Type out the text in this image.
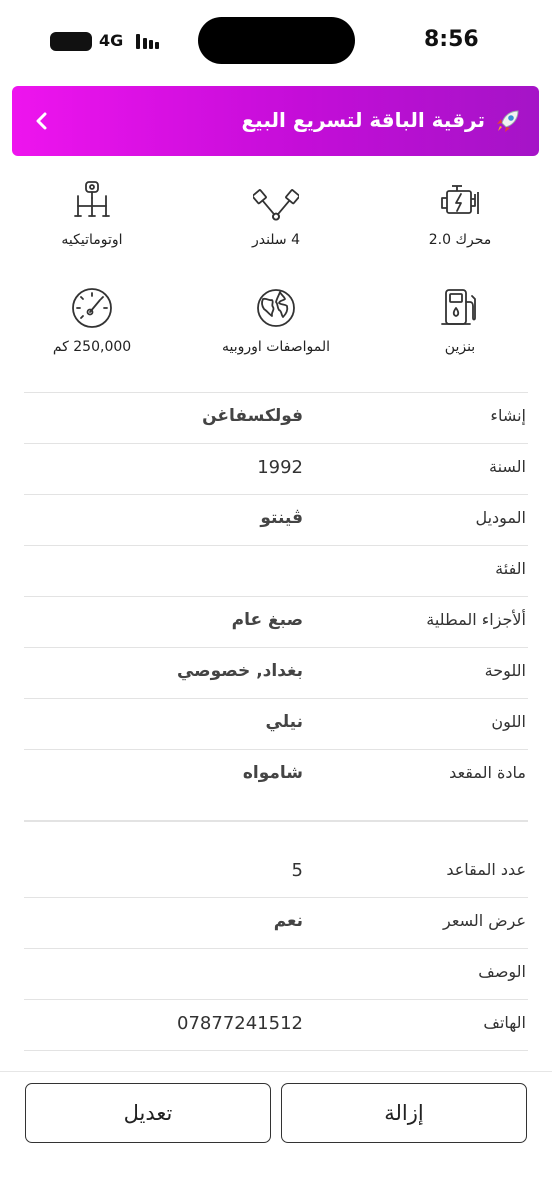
4G	8:56
ترقية الباقة لتسريع البيع
محرك 2.0
4 سلندر
اوتوماتيكيه
بنزين
المواصفات اوروبيه
250,000 كم
إنشاء
فولكسفاغن
السنة
1992
الموديل
ڤينتو
الفئة
ألأجزاء المطلية
صبغ عام
اللوحة
بغداد, خصوصي
اللون
نيلي
مادة المقعد
شامواه
عدد المقاعد
5
عرض السعر
نعم
الوصف
الهاتف
07877241512
تعديل	إزالة
